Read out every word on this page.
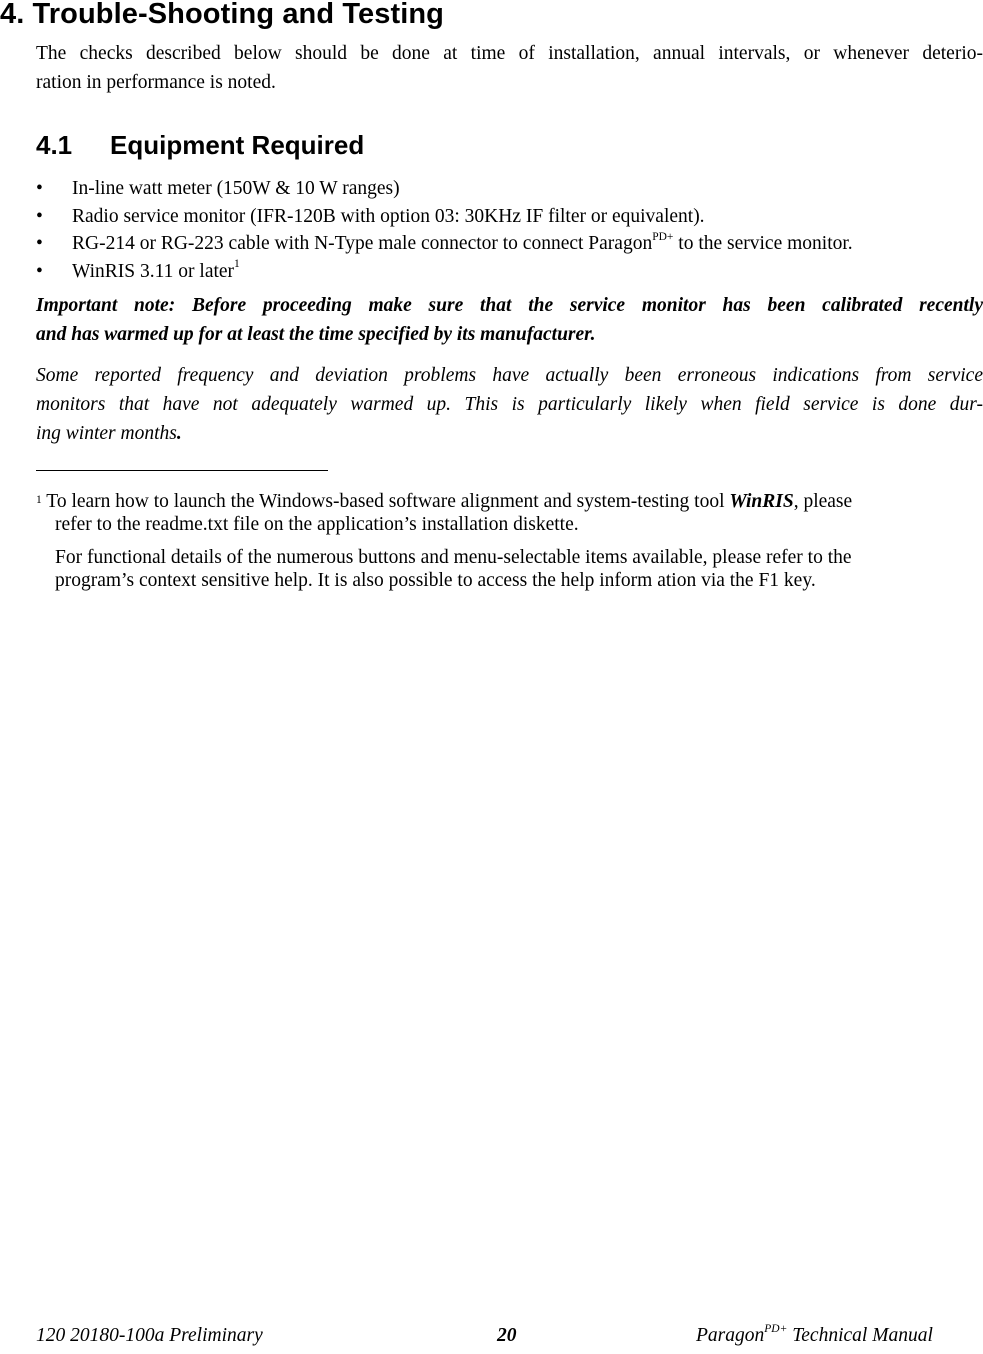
4. Trouble-Shooting and Testing

The checks described below should be done at time of installation, annual intervals, or whenever deterio-
ration in performance is noted.

4.1 Equipment Required
• In-line watt meter (150W & 10 W ranges)
• Radio service monitor (IFR-120B with option 03: 30KHz IF filter or equivalent).
• RG-214 or RG-223 cable with N-Type male connector to connect Paragon$^{PD+}$ to the service monitor.
• WinRIS 3.11 or later$^1$

Important note: Before proceeding make sure that the service monitor has been calibrated recently
and has warmed up for at least the time specified by its manufacturer.

Some reported frequency and deviation problems have actually been erroneous indications from service
monitors that have not adequately warmed up. This is particularly likely when field service is done dur-
ing winter months.

$^1$ To learn how to launch the Windows-based software alignment and system-testing tool WinRIS, please
refer to the readme.txt file on the application’s installation diskette.

For functional details of the numerous buttons and menu-selectable items available, please refer to the
program’s context sensitive help. It is also possible to access the help inform ation via the F1 key.

120 20180-100a Preliminary	20	Paragon$^{PD+}$ Technical Manual
